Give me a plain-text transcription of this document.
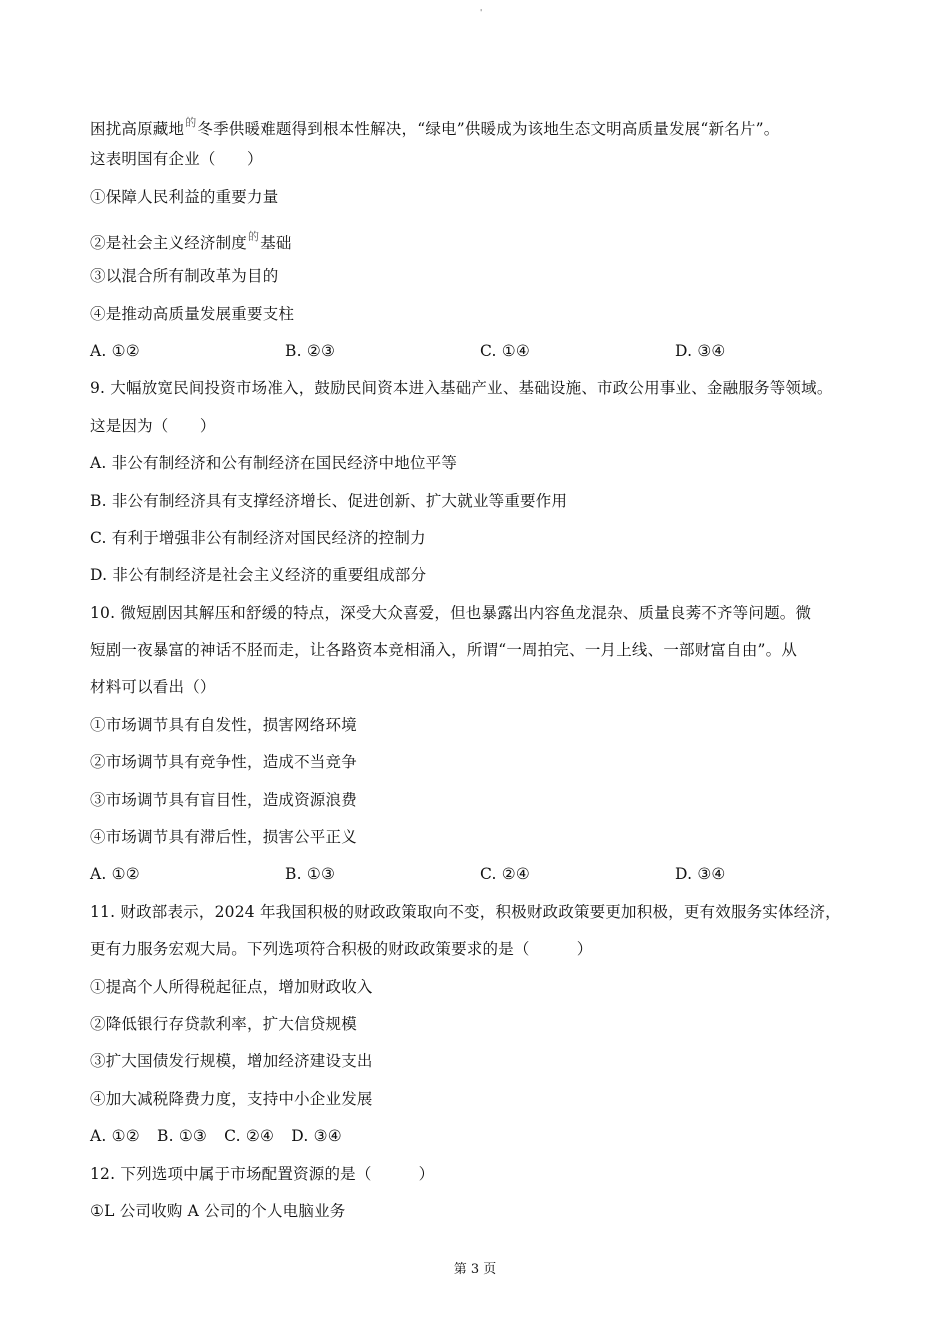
'
困扰高原藏地$^的$冬季供暖难题得到根本性解决，“绿电”供暖成为该地生态文明高质量发展“新名片”。
这表明国有企业（　　）
①保障人民利益的重要力量
②是社会主义经济制度$^的$基础
③以混合所有制改革为目的
④是推动高质量发展重要支柱
A. ①②	B. ②③	C. ①④	D. ③④
9. 大幅放宽民间投资市场准入，鼓励民间资本进入基础产业、基础设施、市政公用事业、金融服务等领域。
这是因为（　　）
A. 非公有制经济和公有制经济在国民经济中地位平等
B. 非公有制经济具有支撑经济增长、促进创新、扩大就业等重要作用
C. 有利于增强非公有制经济对国民经济的控制力
D. 非公有制经济是社会主义经济的重要组成部分
10. 微短剧因其解压和舒缓的特点，深受大众喜爱，但也暴露出内容鱼龙混杂、质量良莠不齐等问题。微
短剧一夜暴富的神话不胫而走，让各路资本竞相涌入，所谓“一周拍完、一月上线、一部财富自由”。从
材料可以看出（）
①市场调节具有自发性，损害网络环境
②市场调节具有竞争性，造成不当竞争
③市场调节具有盲目性，造成资源浪费
④市场调节具有滞后性，损害公平正义
A. ①②	B. ①③	C. ②④	D. ③④
11. 财政部表示，2024 年我国积极的财政政策取向不变，积极财政政策要更加积极，更有效服务实体经济，
更有力服务宏观大局。下列选项符合积极的财政政策要求的是（　　　）
①提高个人所得税起征点，增加财政收入
②降低银行存贷款利率，扩大信贷规模
③扩大国债发行规模，增加经济建设支出
④加大减税降费力度，支持中小企业发展
A. ①② B. ①③ C. ②④ D. ③④
12. 下列选项中属于市场配置资源的是（　　　）
①L 公司收购 A 公司的个人电脑业务
第 3 页
